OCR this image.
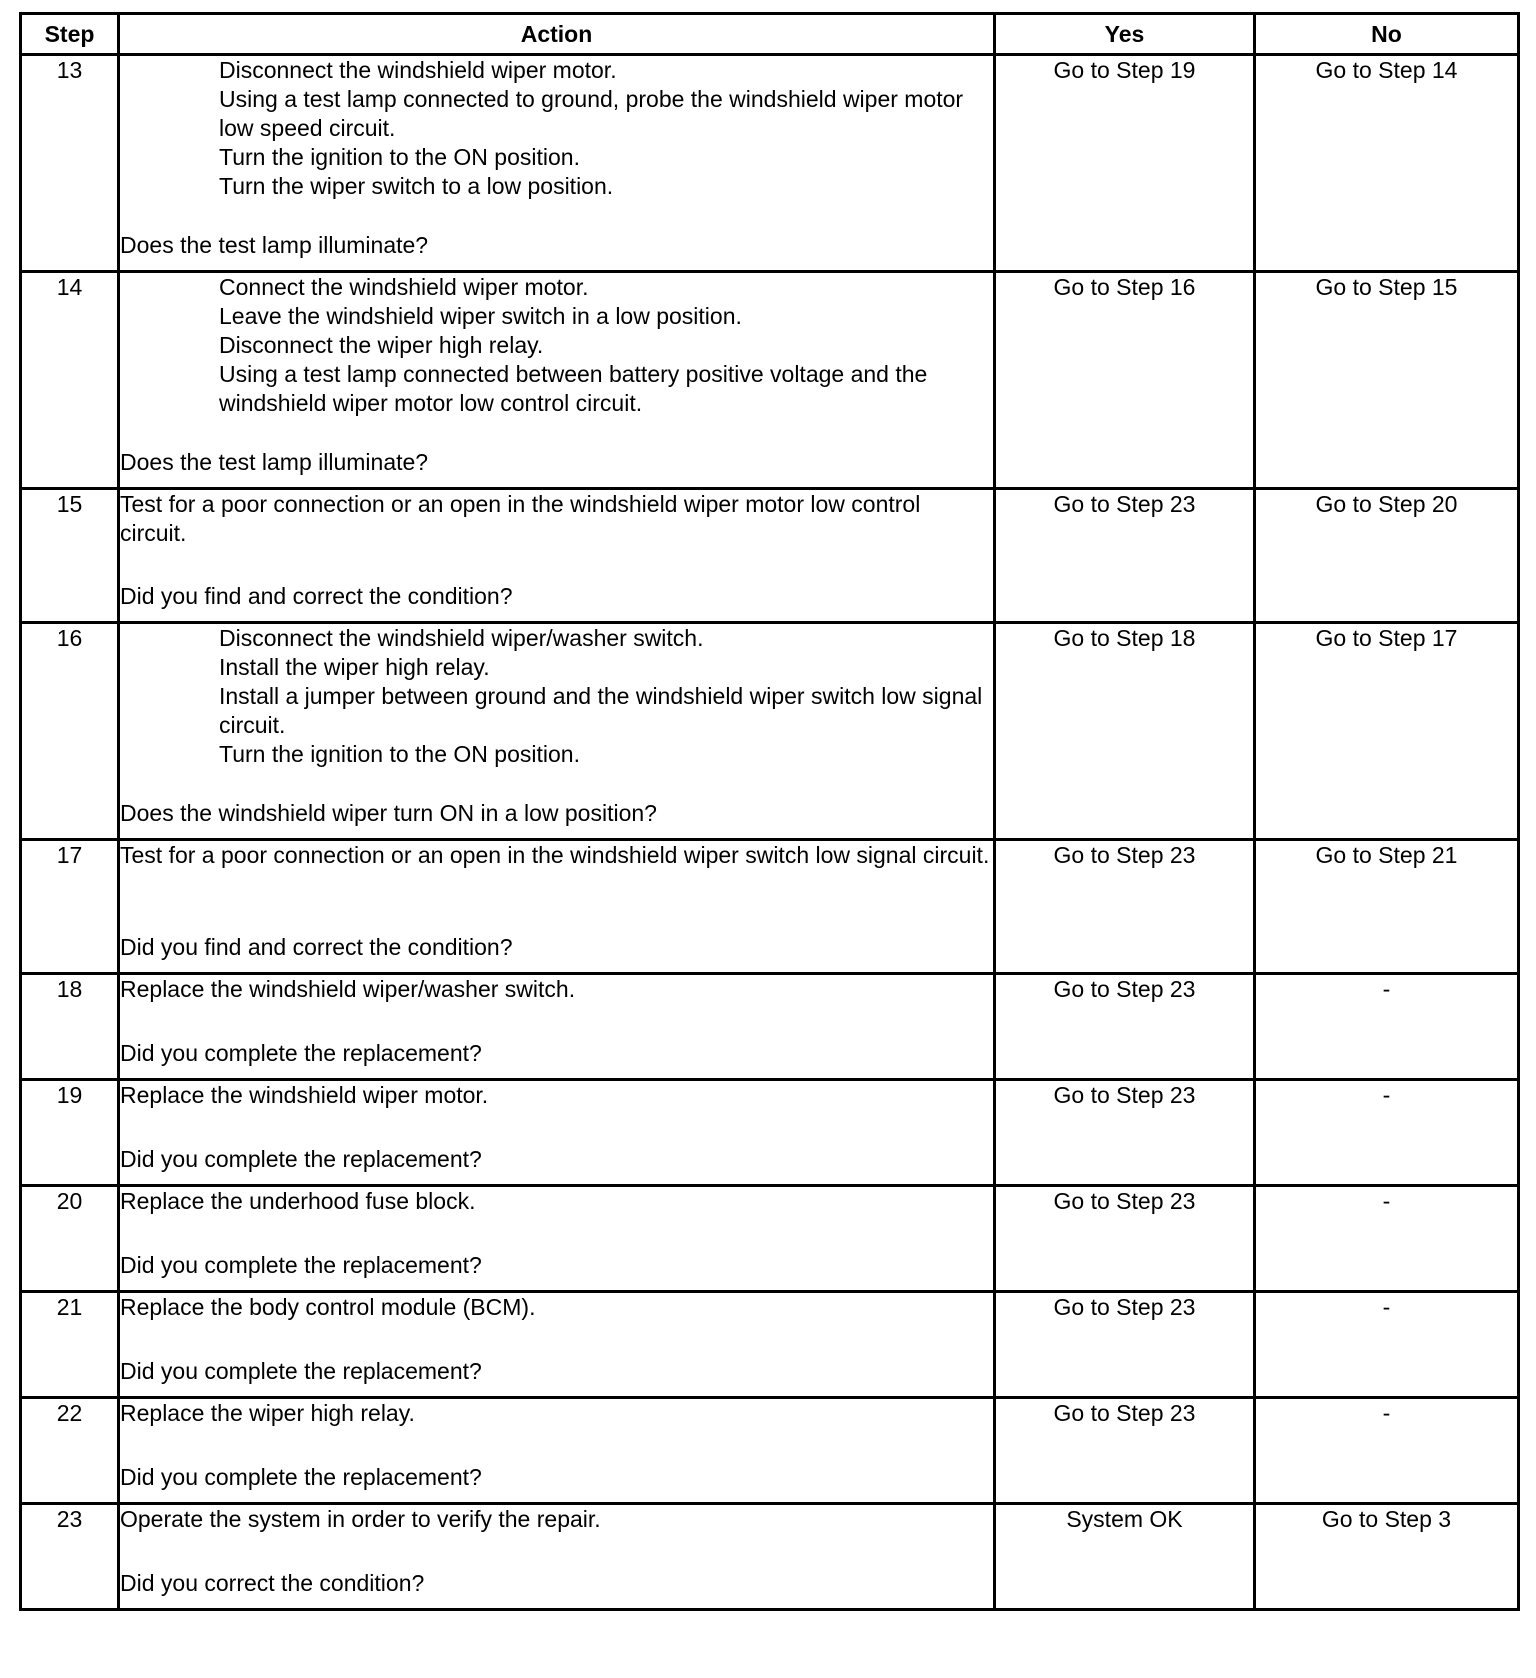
Step	Action	Yes	No
13	Disconnect the windshield wiper motor.
Using a test lamp connected to ground, probe the windshield wiper motor low speed circuit.
Turn the ignition to the ON position.
Turn the wiper switch to a low position.
Does the test lamp illuminate?	Go to Step 19	Go to Step 14

14	Connect the windshield wiper motor.
Leave the windshield wiper switch in a low position.
Disconnect the wiper high relay.
Using a test lamp connected between battery positive voltage and the windshield wiper motor low control circuit.
Does the test lamp illuminate?	Go to Step 16	Go to Step 15

15	Test for a poor connection or an open in the windshield wiper motor low control circuit.
Did you find and correct the condition?	Go to Step 23	Go to Step 20

16	Disconnect the windshield wiper/washer switch.
Install the wiper high relay.
Install a jumper between ground and the windshield wiper switch low signal circuit.
Turn the ignition to the ON position.
Does the windshield wiper turn ON in a low position?	Go to Step 18	Go to Step 17

17	Test for a poor connection or an open in the windshield wiper switch low signal circuit.
Did you find and correct the condition?	Go to Step 23	Go to Step 21

18	Replace the windshield wiper/washer switch.
Did you complete the replacement?	Go to Step 23	-

19	Replace the windshield wiper motor.
Did you complete the replacement?	Go to Step 23	-

20	Replace the underhood fuse block.
Did you complete the replacement?	Go to Step 23	-

21	Replace the body control module (BCM).
Did you complete the replacement?	Go to Step 23	-

22	Replace the wiper high relay.
Did you complete the replacement?	Go to Step 23	-

23	Operate the system in order to verify the repair.
Did you correct the condition?	System OK	Go to Step 3
